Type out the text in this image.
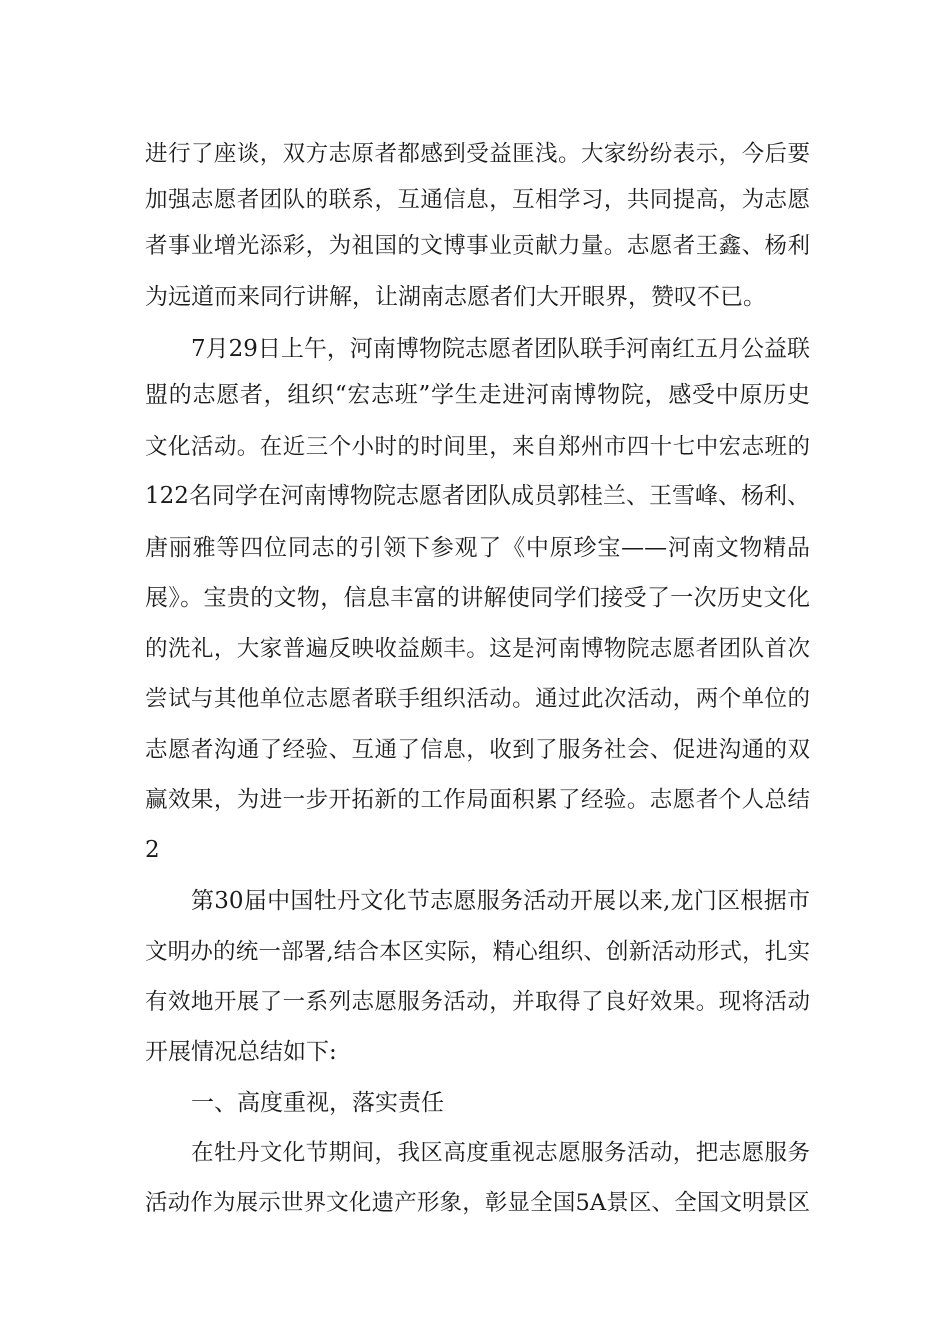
进行了座谈，双方志原者都感到受益匪浅。大家纷纷表示，今后要
加强志愿者团队的联系，互通信息，互相学习，共同提高，为志愿
者事业增光添彩，为祖国的文博事业贡献力量。志愿者王鑫、杨利
为远道而来同行讲解，让湖南志愿者们大开眼界，赞叹不已。
7月29日上午，河南博物院志愿者团队联手河南红五月公益联
盟的志愿者，组织“宏志班”学生走进河南博物院，感受中原历史
文化活动。在近三个小时的时间里，来自郑州市四十七中宏志班的
122名同学在河南博物院志愿者团队成员郭桂兰、王雪峰、杨利、
唐丽雅等四位同志的引领下参观了《中原珍宝——河南文物精品
展》。宝贵的文物，信息丰富的讲解使同学们接受了一次历史文化
的洗礼，大家普遍反映收益颇丰。这是河南博物院志愿者团队首次
尝试与其他单位志愿者联手组织活动。通过此次活动，两个单位的
志愿者沟通了经验、互通了信息，收到了服务社会、促进沟通的双
赢效果，为进一步开拓新的工作局面积累了经验。志愿者个人总结
2
第30届中国牡丹文化节志愿服务活动开展以来,龙门区根据市
文明办的统一部署,结合本区实际，精心组织、创新活动形式，扎实
有效地开展了一系列志愿服务活动，并取得了良好效果。现将活动
开展情况总结如下:
一、高度重视，落实责任
在牡丹文化节期间，我区高度重视志愿服务活动，把志愿服务
活动作为展示世界文化遗产形象，彰显全国5A景区、全国文明景区
